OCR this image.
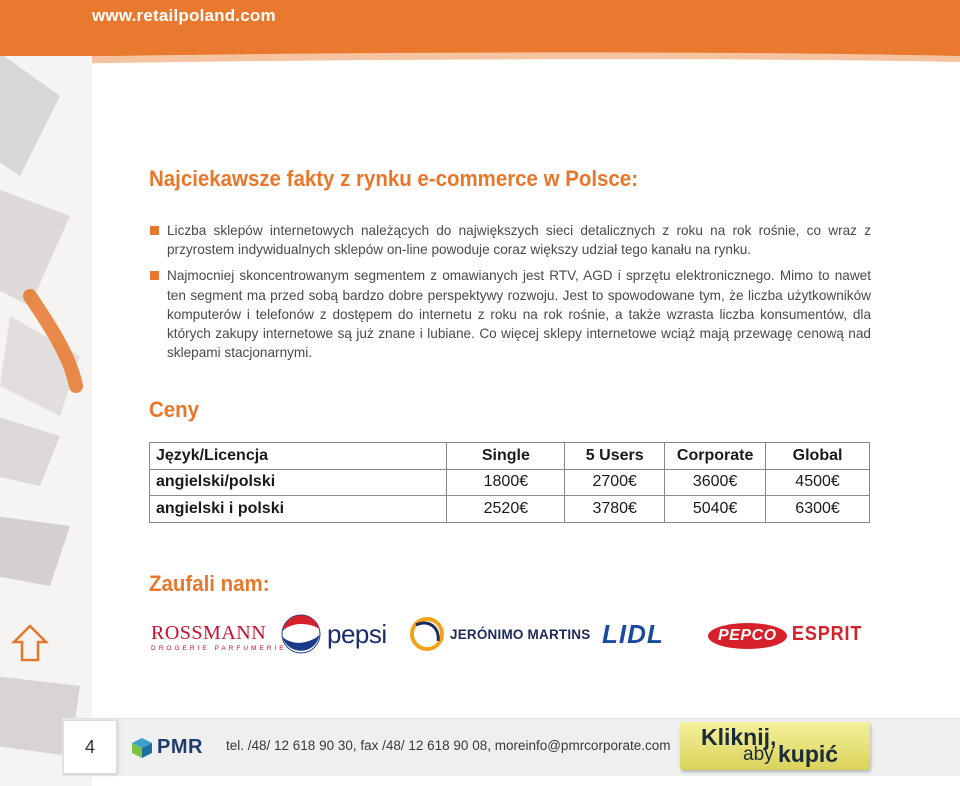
www.retailpoland.com
Najciekawsze fakty z rynku e-commerce w Polsce:
Liczba sklepów internetowych należących do największych sieci detalicznych z roku na rok rośnie, co wraz z przyrostem indywidualnych sklepów on-line powoduje coraz większy udział tego kanału na rynku.
Najmocniej skoncentrowanym segmentem z omawianych jest RTV, AGD i sprzętu elektronicznego. Mimo to nawet ten segment ma przed sobą bardzo dobre perspektywy rozwoju. Jest to spowodowane tym, że liczba użytkowników komputerów i telefonów z dostępem do internetu z roku na rok rośnie, a także wzrasta liczba konsumentów, dla których zakupy internetowe są już znane i lubiane. Co więcej sklepy internetowe wciąż mają przewagę cenową nad sklepami stacjonarnymi.
Ceny
Język/Licencja	Single	5 Users	Corporate	Global
angielski/polski	1800€	2700€	3600€	4500€
angielski i polski	2520€	3780€	5040€	6300€
Zaufali nam:
ROSSMANN
DROGERIE PARFUMERIE pepsi	JERÓNIMO MARTINS LIDL	PEPCO ESPRIT
4	PMR tel. /48/ 12 618 90 30, fax /48/ 12 618 90 08, moreinfo@pmrcorporate.com Kliknij,
aby kupić
